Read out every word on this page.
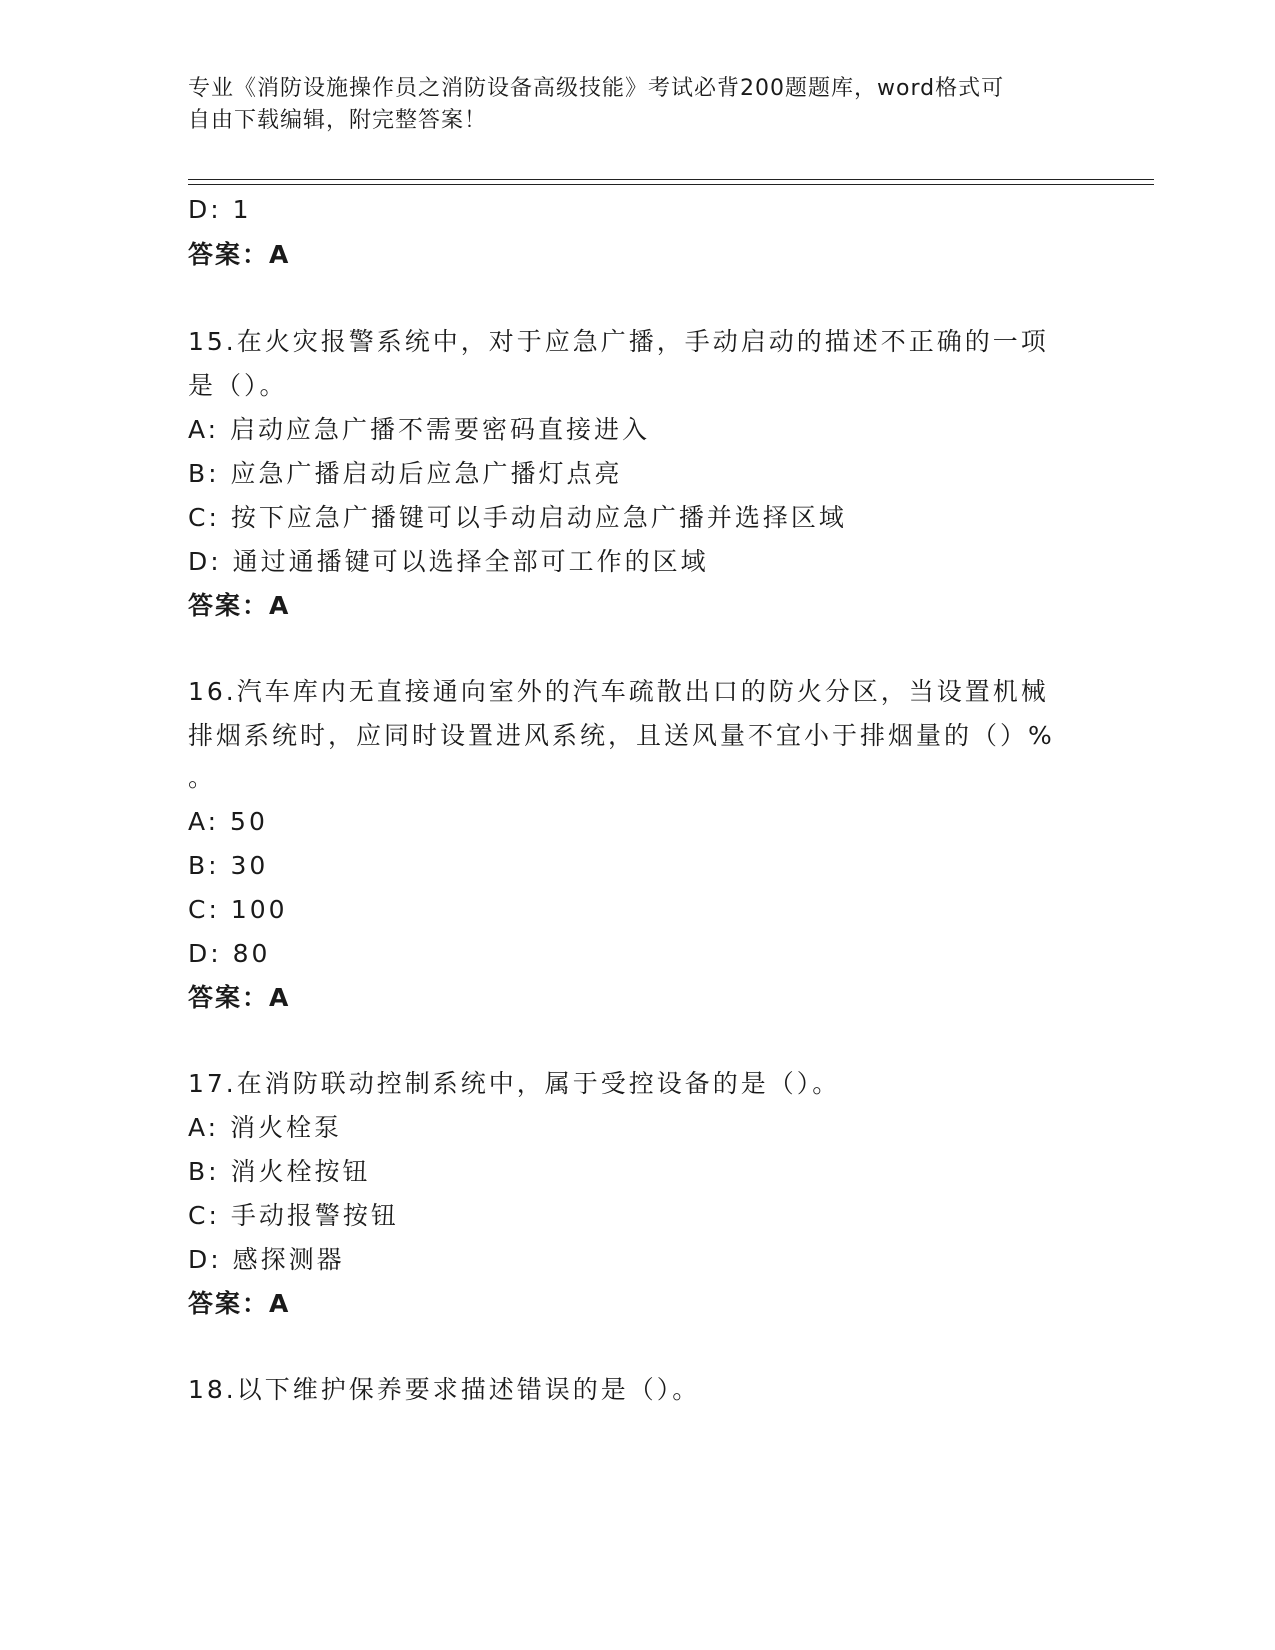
专业《消防设施操作员之消防设备高级技能》考试必背200题题库，word格式可
自由下载编辑，附完整答案！
D: 1
答案：A
15.在火灾报警系统中，对于应急广播，手动启动的描述不正确的一项
是（）。
A: 启动应急广播不需要密码直接进入
B: 应急广播启动后应急广播灯点亮
C: 按下应急广播键可以手动启动应急广播并选择区域
D: 通过通播键可以选择全部可工作的区域
答案：A
16.汽车库内无直接通向室外的汽车疏散出口的防火分区，当设置机械
排烟系统时，应同时设置进风系统，且送风量不宜小于排烟量的（）%
。
A: 50
B: 30
C: 100
D: 80
答案：A
17.在消防联动控制系统中，属于受控设备的是（）。
A: 消火栓泵
B: 消火栓按钮
C: 手动报警按钮
D: 感探测器
答案：A
18.以下维护保养要求描述错误的是（）。
